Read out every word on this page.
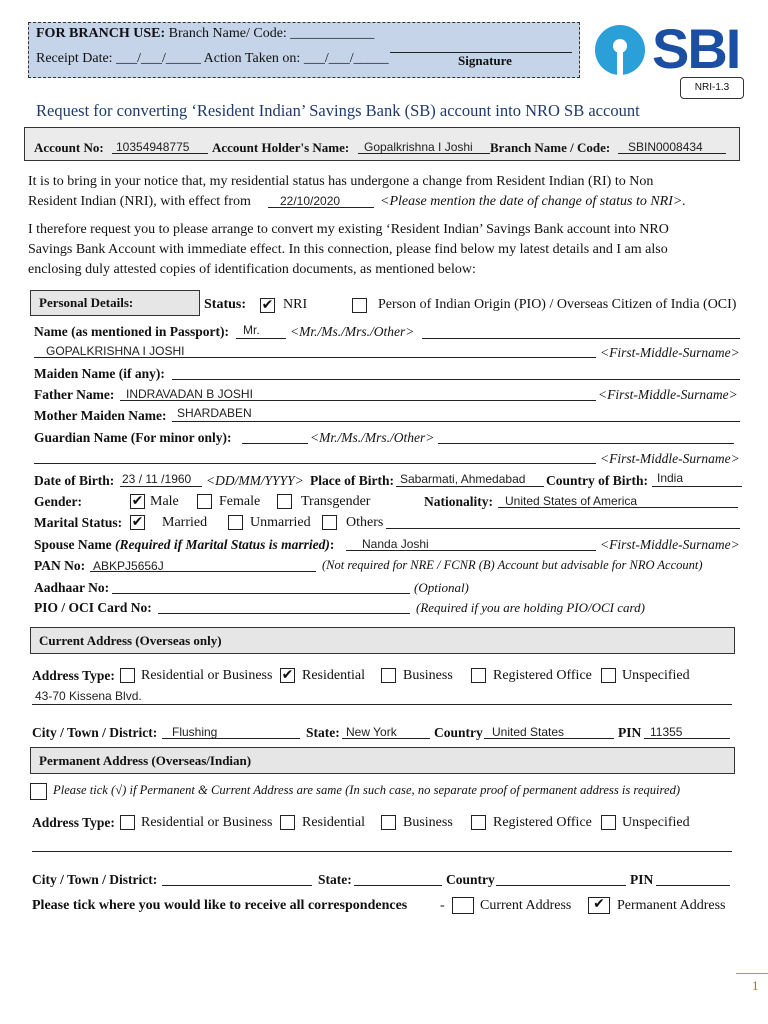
FOR BRANCH USE: Branch Name/ Code: ____________
Receipt Date: ___/___/_____ Action Taken on: ___/___/_____	Signature	SBI
NRI-1.3
Request for converting ‘Resident Indian’ Savings Bank (SB) account into NRO SB account
Account No: 10354948775 Account Holder's Name: Gopalkrishna I Joshi Branch Name / Code: SBIN0008434
It is to bring in your notice that, my residential status has undergone a change from Resident Indian (RI) to Non
Resident Indian (NRI), with effect from 22/10/2020	<Please mention the date of change of status to NRI>.
I therefore request you to please arrange to convert my existing ‘Resident Indian’ Savings Bank account into NRO
Savings Bank Account with immediate effect. In this connection, please find below my latest details and I am also
enclosing duly attested copies of identification documents, as mentioned below:
Personal Details:	Status: ✔ NRI	Person of Indian Origin (PIO) / Overseas Citizen of India (OCI)
Name (as mentioned in Passport): Mr. <Mr./Ms./Mrs./Other>
GOPALKRISHNA I JOSHI	<First-Middle-Surname>
Maiden Name (if any):
Father Name: INDRAVADAN B JOSHI	<First-Middle-Surname>
Mother Maiden Name: SHARDABEN
Guardian Name (For minor only):	<Mr./Ms./Mrs./Other>
<First-Middle-Surname>
Date of Birth: 23 / 11 /1960 <DD/MM/YYYY> Place of Birth: Sabarmati, Ahmedabad Country of Birth: India
Gender:	✔ Male	Female	Transgender	Nationality: United States of America
Marital Status: ✔ Married	Unmarried	Others
Spouse Name (Required if Marital Status is married): Nanda Joshi	<First-Middle-Surname>
PAN No: ABKPJ5656J	(Not required for NRE / FCNR (B) Account but advisable for NRO Account)
Aadhaar No:	(Optional)
PIO / OCI Card No:	(Required if you are holding PIO/OCI card)
Current Address (Overseas only)
Address Type: Residential or Business ✔ Residential	Business	Registered Office Unspecified
43-70 Kissena Blvd.
City / Town / District: Flushing	State: New York	Country United States	PIN 11355
Permanent Address (Overseas/Indian)
Please tick (√) if Permanent & Current Address are same (In such case, no separate proof of permanent address is required)
Address Type: Residential or Business Residential	Business	Registered Office Unspecified
City / Town / District:	State:	Country	PIN
Please tick where you would like to receive all correspondences -	Current Address	✔ Permanent Address
1
